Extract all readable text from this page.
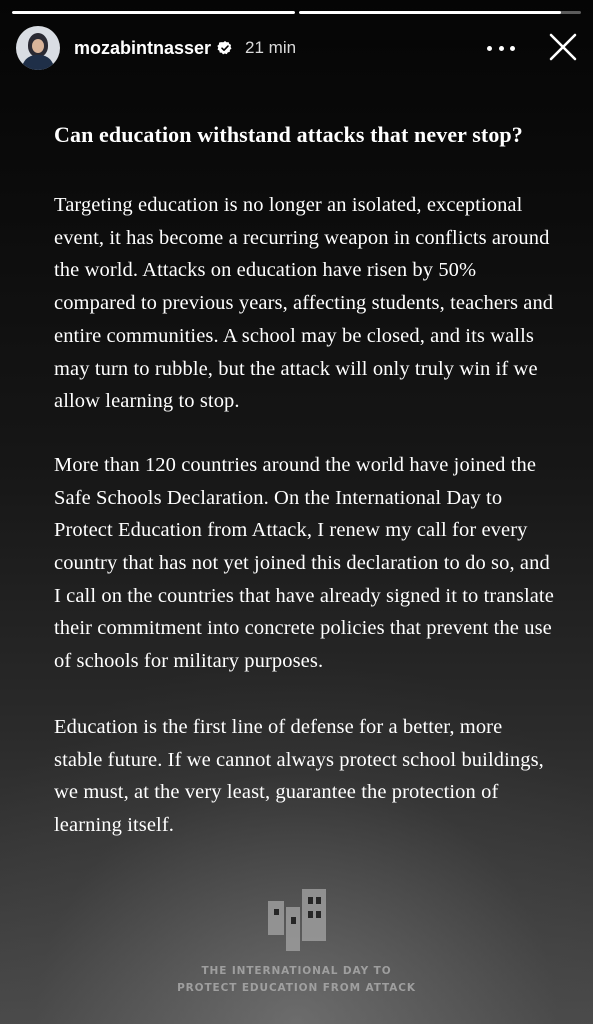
mozabintnasser 21 min
Can education withstand attacks that never stop?

Targeting education is no longer an isolated, exceptional event, it has become a recurring weapon in conflicts around the world. Attacks on education have risen by 50% compared to previous years, affecting students, teachers and entire communities. A school may be closed, and its walls may turn to rubble, but the attack will only truly win if we allow learning to stop.

More than 120 countries around the world have joined the Safe Schools Declaration. On the International Day to Protect Education from Attack, I renew my call for every country that has not yet joined this declaration to do so, and I call on the countries that have already signed it to translate their commitment into concrete policies that prevent the use of schools for military purposes.

Education is the first line of defense for a better, more stable future. If we cannot always protect school buildings, we must, at the very least, guarantee the protection of learning itself.

THE INTERNATIONAL DAY TO
PROTECT EDUCATION FROM ATTACK
